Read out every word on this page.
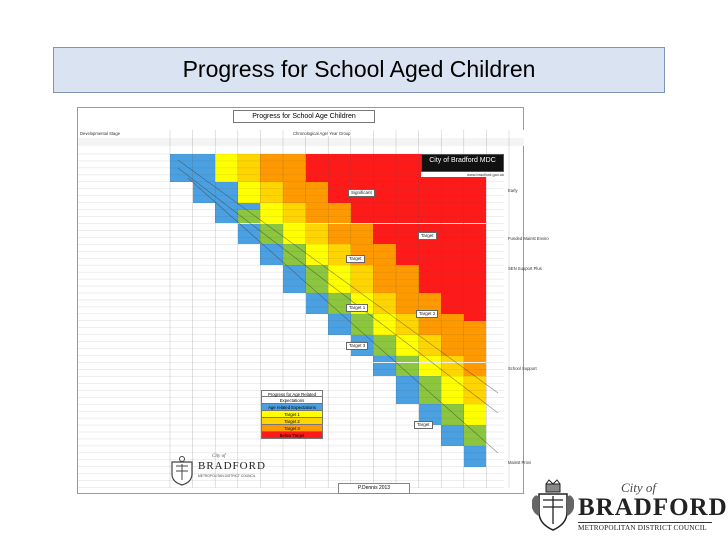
Progress for School Aged Children
Progress for School Age Children
Developmental Stage	Chronological Age/ Year Group
City of Bradford MDC
www.bradford.gov.uk
Significant
Target
Target
Target 1
Target 2
Target 3
Target
Early
Funded Mainst Enviro
SEN Support Plus
School Support
Mainst Provi
Progress for Age Related
Expectations
Age related Expectations
Target 1
Target 2
Target 3
Below Target
City of
BRADFORD
METROPOLITAN DISTRICT COUNCIL
P.Dennis 2013	City of
BRADFORD
METROPOLITAN DISTRICT COUNCIL
